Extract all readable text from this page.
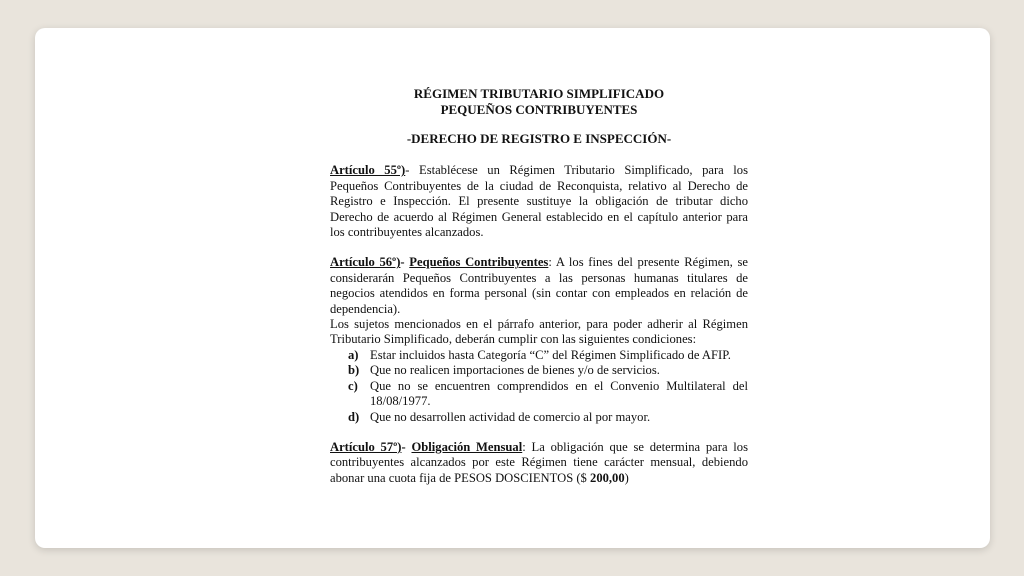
RÉGIMEN TRIBUTARIO SIMPLIFICADO
PEQUEÑOS CONTRIBUYENTES
-DERECHO DE REGISTRO E INSPECCIÓN-

Artículo 55º)- Establécese un Régimen Tributario Simplificado, para los Pequeños Contribuyentes de la ciudad de Reconquista, relativo al Derecho de Registro e Inspección. El presente sustituye la obligación de tributar dicho Derecho de acuerdo al Régimen General establecido en el capítulo anterior para los contribuyentes alcanzados.

Artículo 56º)- Pequeños Contribuyentes: A los fines del presente Régimen, se considerarán Pequeños Contribuyentes a las personas humanas titulares de negocios atendidos en forma personal (sin contar con empleados en relación de dependencia).

Los sujetos mencionados en el párrafo anterior, para poder adherir al Régimen Tributario Simplificado, deberán cumplir con las siguientes condiciones:

a) Estar incluidos hasta Categoría “C” del Régimen Simplificado de AFIP.
b) Que no realicen importaciones de bienes y/o de servicios.
c) Que no se encuentren comprendidos en el Convenio Multilateral del 18/08/1977.
d) Que no desarrollen actividad de comercio al por mayor.

Artículo 57º)- Obligación Mensual: La obligación que se determina para los contribuyentes alcanzados por este Régimen tiene carácter mensual, debiendo abonar una cuota fija de PESOS DOSCIENTOS ($ 200,00)
